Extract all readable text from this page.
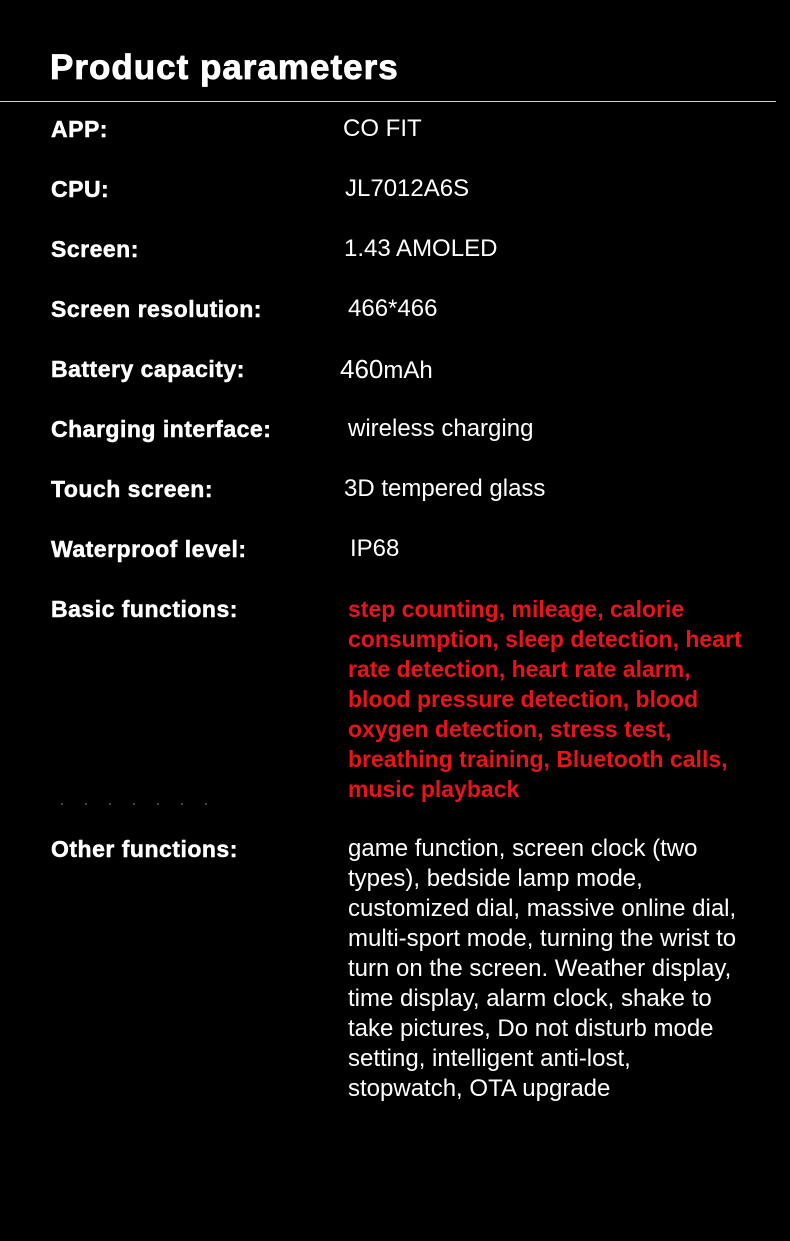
Product parameters
APP:	CO FIT
CPU:	JL7012A6S
Screen:	1.43 AMOLED
Screen resolution:	466*466
Battery capacity:	460mAh
Charging interface:	wireless charging
Touch screen:	3D tempered glass
Waterproof level:	IP68
Basic functions:	step counting, mileage, calorie consumption, sleep detection, heart rate detection, heart rate alarm, blood pressure detection, blood oxygen detection, stress test, breathing training, Bluetooth calls, music playback
Other functions:	game function, screen clock (two types), bedside lamp mode, customized dial, massive online dial, multi-sport mode, turning the wrist to turn on the screen. Weather display, time display, alarm clock, shake to take pictures, Do not disturb mode setting, intelligent anti-lost, stopwatch, OTA upgrade
